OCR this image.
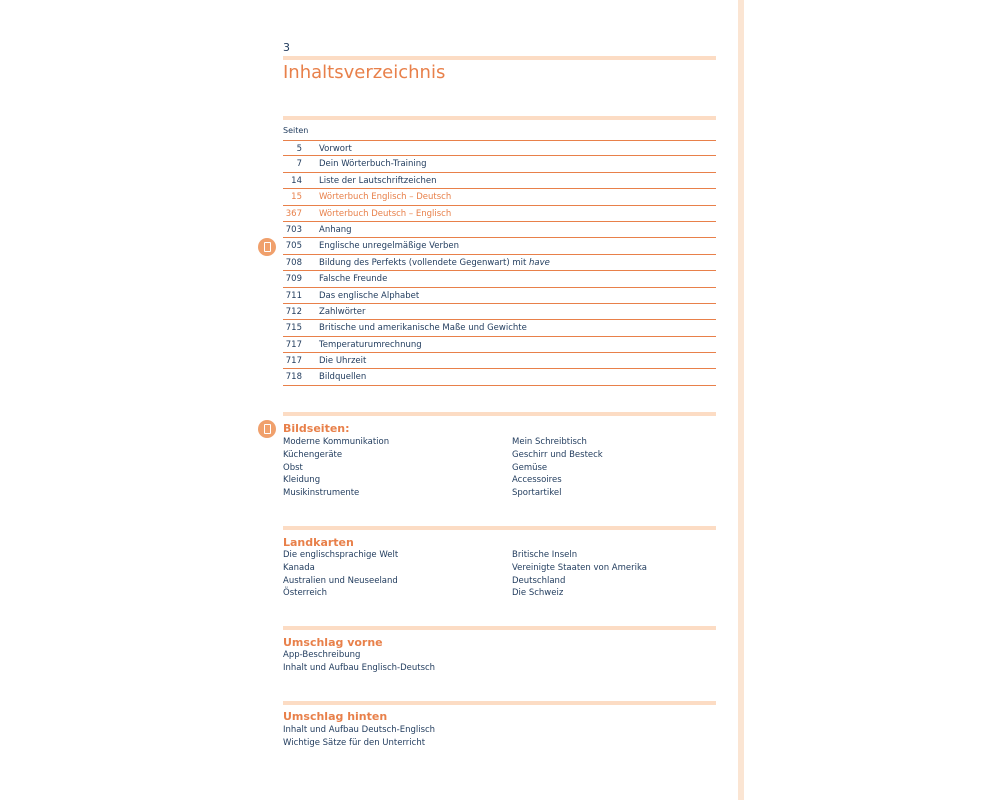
3
Inhaltsverzeichnis
Seiten
5 Vorwort
7 Dein Wörterbuch-Training
14 Liste der Lautschriftzeichen
15 Wörterbuch Englisch – Deutsch
367 Wörterbuch Deutsch – Englisch
703 Anhang
705 Englische unregelmäßige Verben
708 Bildung des Perfekts (vollendete Gegenwart) mit have
709 Falsche Freunde
711 Das englische Alphabet
712 Zahlwörter
715 Britische und amerikanische Maße und Gewichte
717 Temperaturumrechnung
717 Die Uhrzeit
718 Bildquellen
Bildseiten:
Moderne Kommunikation
Küchengeräte
Obst
Kleidung
Musikinstrumente
Mein Schreibtisch
Geschirr und Besteck
Gemüse
Accessoires
Sportartikel
Landkarten
Die englischsprachige Welt
Kanada
Australien und Neuseeland
Österreich
Britische Inseln
Vereinigte Staaten von Amerika
Deutschland
Die Schweiz
Umschlag vorne
App-Beschreibung
Inhalt und Aufbau Englisch-Deutsch
Umschlag hinten
Inhalt und Aufbau Deutsch-Englisch
Wichtige Sätze für den Unterricht
